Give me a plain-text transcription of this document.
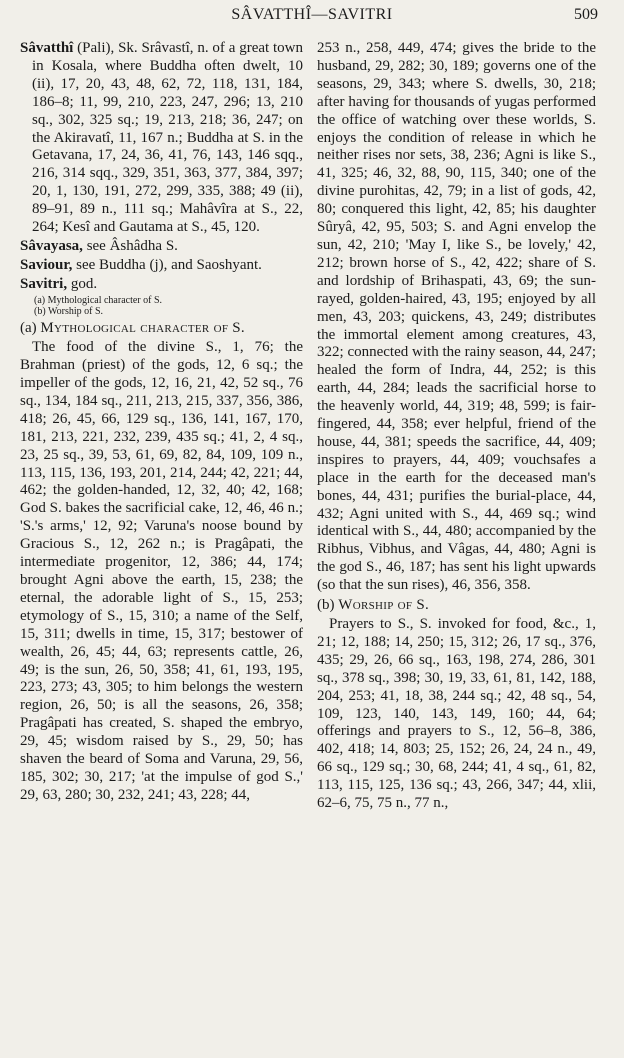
SÂVATTHÎ—SAVITRI	509

Sâvatthî (Pali), Sk. Srâvastî, n. of a great town in Kosala, where Buddha often dwelt, 10 (ii), 17, 20, 43, 48, 62, 72, 118, 131, 184, 186–8; 11, 99, 210, 223, 247, 296; 13, 210 sq., 302, 325 sq.; 19, 213, 218; 36, 247; on the Akiravatî, 11, 167 n.; Buddha at S. in the Getavana, 17, 24, 36, 41, 76, 143, 146 sqq., 216, 314 sqq., 329, 351, 363, 377, 384, 397; 20, 1, 130, 191, 272, 299, 335, 388; 49 (ii), 89–91, 89 n., 111 sq.; Mahâvîra at S., 22, 264; Kesî and Gautama at S., 45, 120.

Sâvayasa, see Âshâdha S.

Saviour, see Buddha (j), and Saoshyant.

Savitri, god.

(a) Mythological character of S.
(b) Worship of S.

(a) Mythological character of S.

The food of the divine S., 1, 76; the Brahman (priest) of the gods, 12, 6 sq.; the impeller of the gods, 12, 16, 21, 42, 52 sq., 76 sq., 134, 184 sq., 211, 213, 215, 337, 356, 386, 418; 26, 45, 66, 129 sq., 136, 141, 167, 170, 181, 213, 221, 232, 239, 435 sq.; 41, 2, 4 sq., 23, 25 sq., 39, 53, 61, 69, 82, 84, 109, 109 n., 113, 115, 136, 193, 201, 214, 244; 42, 221; 44, 462; the golden-handed, 12, 32, 40; 42, 168; God S. bakes the sacrificial cake, 12, 46, 46 n.; 'S.'s arms,' 12, 92; Varuna's noose bound by Gracious S., 12, 262 n.; is Pragâpati, the intermediate progenitor, 12, 386; 44, 174; brought Agni above the earth, 15, 238; the eternal, the adorable light of S., 15, 253; etymology of S., 15, 310; a name of the Self, 15, 311; dwells in time, 15, 317; bestower of wealth, 26, 45; 44, 63; represents cattle, 26, 49; is the sun, 26, 50, 358; 41, 61, 193, 195, 223, 273; 43, 305; to him belongs the western region, 26, 50; is all the seasons, 26, 358; Pragâpati has created, S. shaped the embryo, 29, 45; wisdom raised by S., 29, 50; has shaven the beard of Soma and Varuna, 29, 56, 185, 302; 30, 217; 'at the impulse of god S.,' 29, 63, 280; 30, 232, 241; 43, 228; 44,

253 n., 258, 449, 474; gives the bride to the husband, 29, 282; 30, 189; governs one of the seasons, 29, 343; where S. dwells, 30, 218; after having for thousands of yugas performed the office of watching over these worlds, S. enjoys the condition of release in which he neither rises nor sets, 38, 236; Agni is like S., 41, 325; 46, 32, 88, 90, 115, 340; one of the divine purohitas, 42, 79; in a list of gods, 42, 80; conquered this light, 42, 85; his daughter Sûryâ, 42, 95, 503; S. and Agni envelop the sun, 42, 210; 'May I, like S., be lovely,' 42, 212; brown horse of S., 42, 422; share of S. and lordship of Brihaspati, 43, 69; the sun-rayed, golden-haired, 43, 195; enjoyed by all men, 43, 203; quickens, 43, 249; distributes the immortal element among creatures, 43, 322; connected with the rainy season, 44, 247; healed the form of Indra, 44, 252; is this earth, 44, 284; leads the sacrificial horse to the heavenly world, 44, 319; 48, 599; is fair-fingered, 44, 358; ever helpful, friend of the house, 44, 381; speeds the sacrifice, 44, 409; inspires to prayers, 44, 409; vouchsafes a place in the earth for the deceased man's bones, 44, 431; purifies the burial-place, 44, 432; Agni united with S., 44, 469 sq.; wind identical with S., 44, 480; accompanied by the Ribhus, Vibhus, and Vâgas, 44, 480; Agni is the god S., 46, 187; has sent his light upwards (so that the sun rises), 46, 356, 358.

(b) Worship of S.

Prayers to S., S. invoked for food, &c., 1, 21; 12, 188; 14, 250; 15, 312; 26, 17 sq., 376, 435; 29, 26, 66 sq., 163, 198, 274, 286, 301 sq., 378 sq., 398; 30, 19, 33, 61, 81, 142, 188, 204, 253; 41, 18, 38, 244 sq.; 42, 48 sq., 54, 109, 123, 140, 143, 149, 160; 44, 64; offerings and prayers to S., 12, 56–8, 386, 402, 418; 14, 803; 25, 152; 26, 24, 24 n., 49, 66 sq., 129 sq.; 30, 68, 244; 41, 4 sq., 61, 82, 113, 115, 125, 136 sq.; 43, 266, 347; 44, xlii, 62–6, 75, 75 n., 77 n.,
